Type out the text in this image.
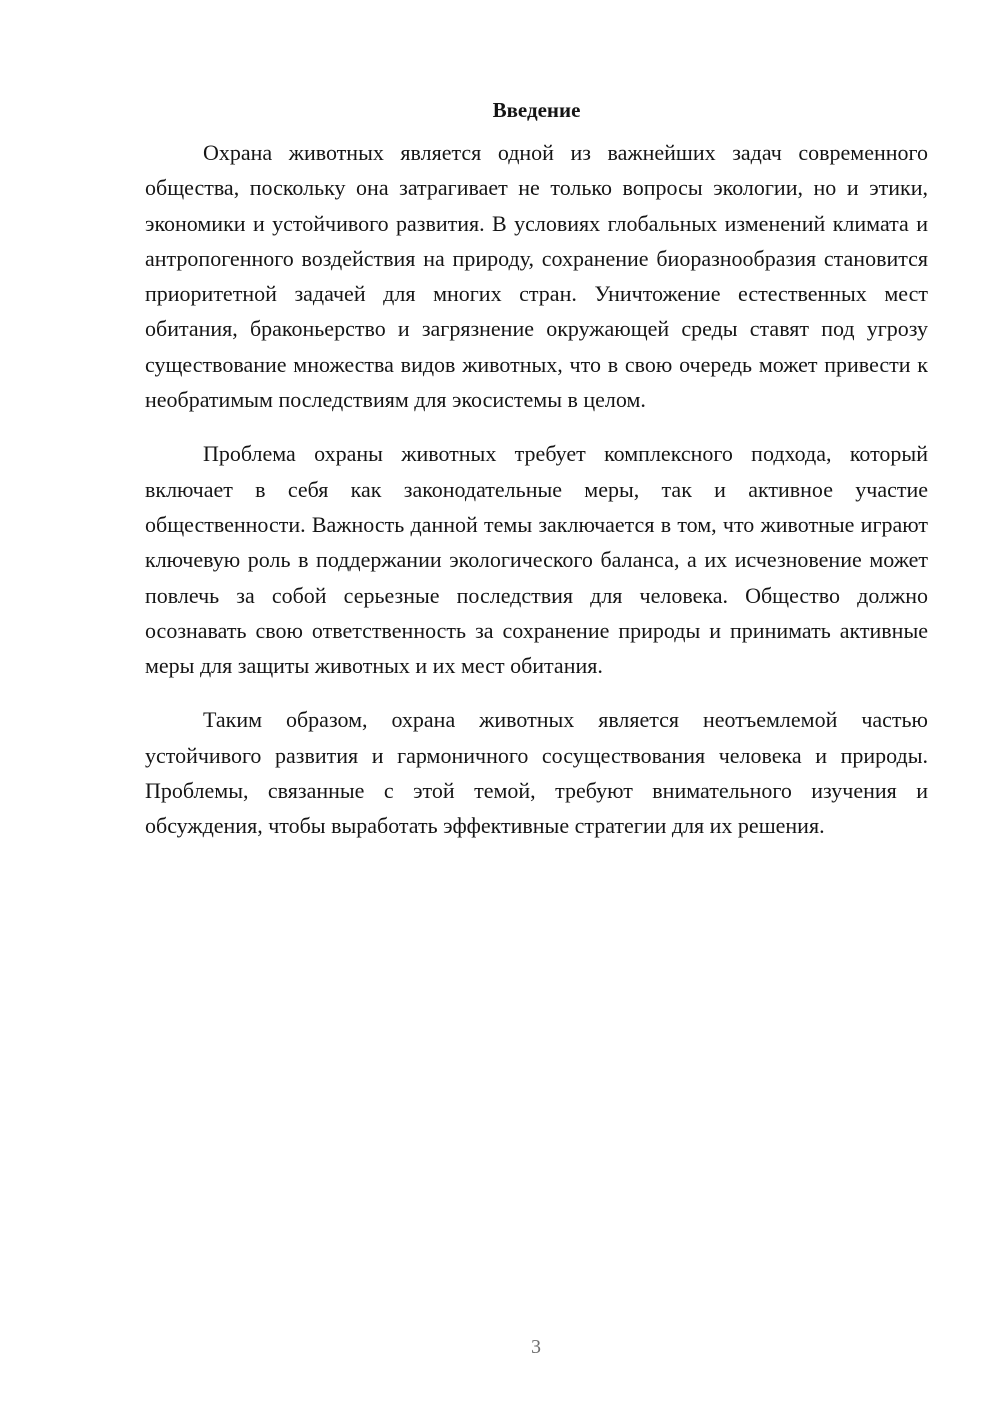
Введение

Охрана животных является одной из важнейших задач современного общества, поскольку она затрагивает не только вопросы экологии, но и этики, экономики и устойчивого развития. В условиях глобальных изменений климата и антропогенного воздействия на природу, сохранение биоразнообразия становится приоритетной задачей для многих стран. Уничтожение естественных мест обитания, браконьерство и загрязнение окружающей среды ставят под угрозу существование множества видов животных, что в свою очередь может привести к необратимым последствиям для экосистемы в целом.

Проблема охраны животных требует комплексного подхода, который включает в себя как законодательные меры, так и активное участие общественности. Важность данной темы заключается в том, что животные играют ключевую роль в поддержании экологического баланса, а их исчезновение может повлечь за собой серьезные последствия для человека. Общество должно осознавать свою ответственность за сохранение природы и принимать активные меры для защиты животных и их мест обитания.

Таким образом, охрана животных является неотъемлемой частью устойчивого развития и гармоничного сосуществования человека и природы. Проблемы, связанные с этой темой, требуют внимательного изучения и обсуждения, чтобы выработать эффективные стратегии для их решения.

3
